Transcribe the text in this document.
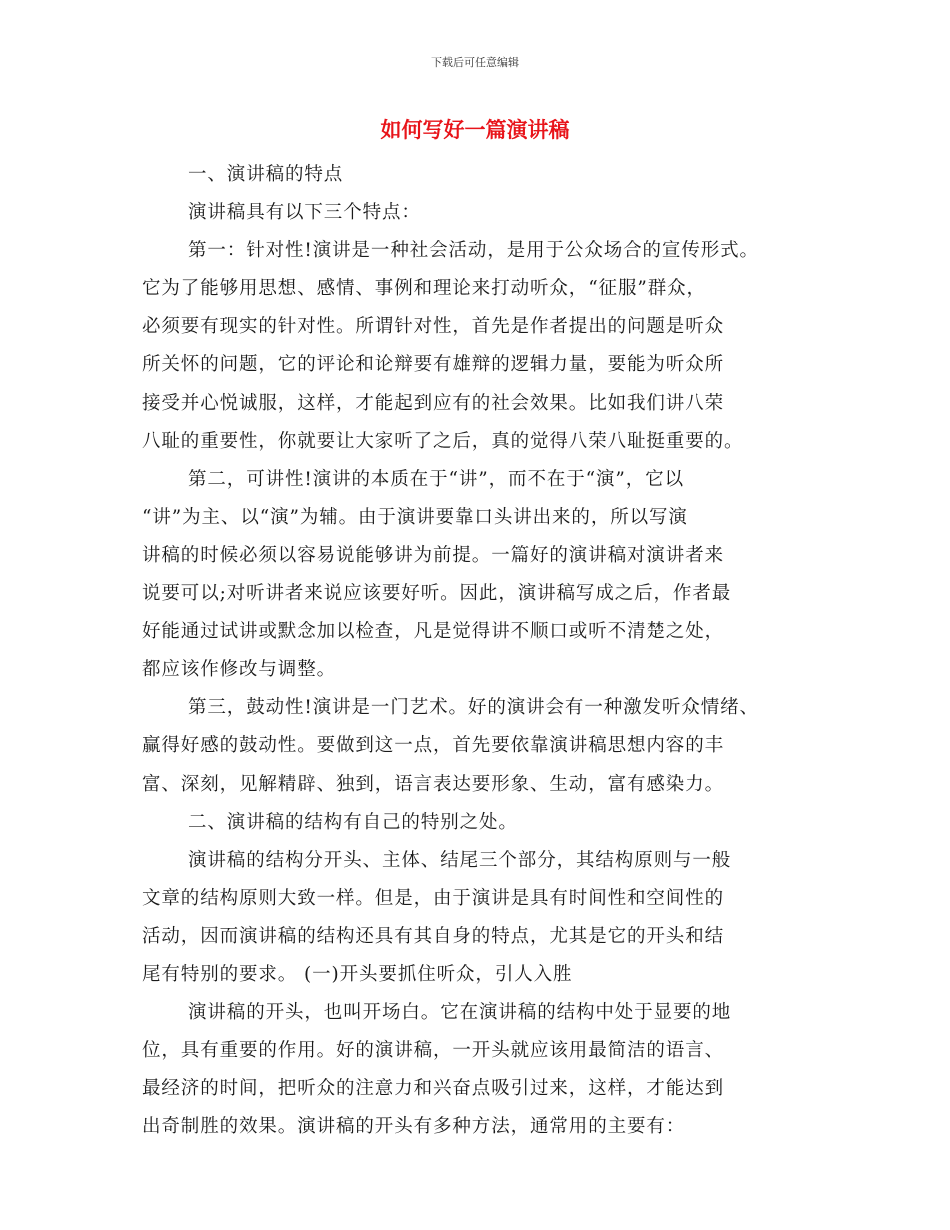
下载后可任意编辑
如何写好一篇演讲稿
一、演讲稿的特点
演讲稿具有以下三个特点：
第一：针对性!演讲是一种社会活动，是用于公众场合的宣传形式。
它为了能够用思想、感情、事例和理论来打动听众，“征服”群众，
必须要有现实的针对性。所谓针对性，首先是作者提出的问题是听众
所关怀的问题，它的评论和论辩要有雄辩的逻辑力量，要能为听众所
接受并心悦诚服，这样，才能起到应有的社会效果。比如我们讲八荣
八耻的重要性，你就要让大家听了之后，真的觉得八荣八耻挺重要的。
第二，可讲性!演讲的本质在于“讲”，而不在于“演”，它以
“讲”为主、以“演”为辅。由于演讲要靠口头讲出来的，所以写演
讲稿的时候必须以容易说能够讲为前提。一篇好的演讲稿对演讲者来
说要可以;对听讲者来说应该要好听。因此，演讲稿写成之后，作者最
好能通过试讲或默念加以检查，凡是觉得讲不顺口或听不清楚之处，
都应该作修改与调整。
第三，鼓动性!演讲是一门艺术。好的演讲会有一种激发听众情绪、
赢得好感的鼓动性。要做到这一点，首先要依靠演讲稿思想内容的丰
富、深刻，见解精辟、独到，语言表达要形象、生动，富有感染力。
二、演讲稿的结构有自己的特别之处。
演讲稿的结构分开头、主体、结尾三个部分，其结构原则与一般
文章的结构原则大致一样。但是，由于演讲是具有时间性和空间性的
活动，因而演讲稿的结构还具有其自身的特点，尤其是它的开头和结
尾有特别的要求。 (一)开头要抓住听众，引人入胜
演讲稿的开头，也叫开场白。它在演讲稿的结构中处于显要的地
位，具有重要的作用。好的演讲稿，一开头就应该用最简洁的语言、
最经济的时间，把听众的注意力和兴奋点吸引过来，这样，才能达到
出奇制胜的效果。演讲稿的开头有多种方法，通常用的主要有：
